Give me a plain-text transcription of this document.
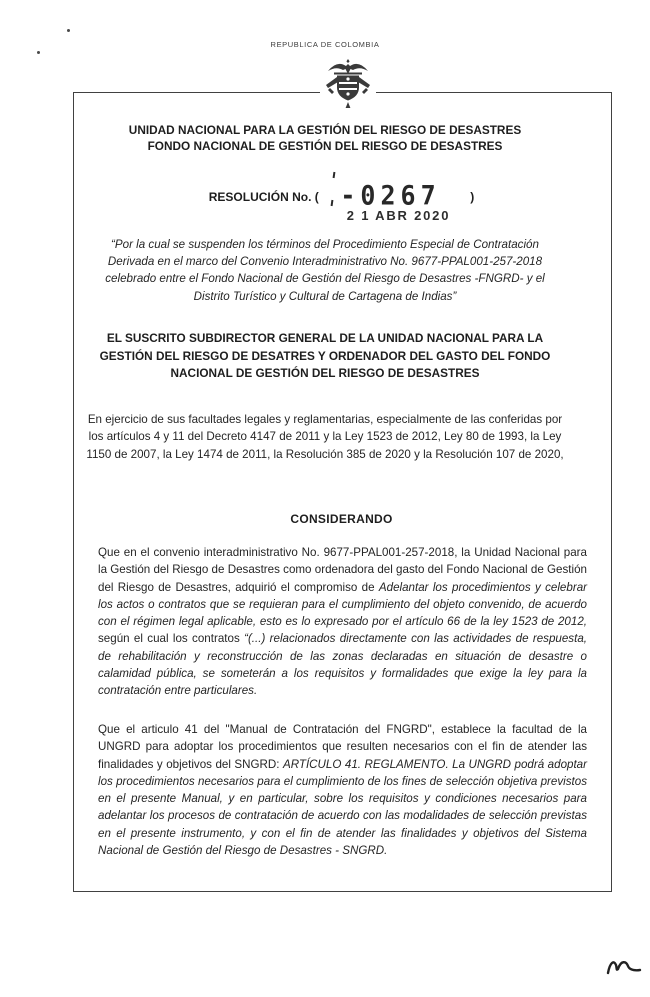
REPUBLICA DE COLOMBIA
UNIDAD NACIONAL PARA LA GESTIÓN DEL RIESGO DE DESASTRES
FONDO NACIONAL DE GESTIÓN DEL RIESGO DE DESASTRES
RESOLUCIÓN No. ( -0267
2 1 ABR 2020
)
“Por la cual se suspenden los términos del Procedimiento Especial de Contratación Derivada en el marco del Convenio Interadministrativo No. 9677-PPAL001-257-2018 celebrado entre el Fondo Nacional de Gestión del Riesgo de Desastres -FNGRD- y el Distrito Turístico y Cultural de Cartagena de Indias”
EL SUSCRITO SUBDIRECTOR GENERAL DE LA UNIDAD NACIONAL PARA LA GESTIÓN DEL RIESGO DE DESATRES Y ORDENADOR DEL GASTO DEL FONDO NACIONAL DE GESTIÓN DEL RIESGO DE DESASTRES
En ejercicio de sus facultades legales y reglamentarias, especialmente de las conferidas por los artículos 4 y 11 del Decreto 4147 de 2011 y la Ley 1523 de 2012, Ley 80 de 1993, la Ley 1150 de 2007, la Ley 1474 de 2011, la Resolución 385 de 2020 y la Resolución 107 de 2020,
CONSIDERANDO
Que en el convenio interadministrativo No. 9677-PPAL001-257-2018, la Unidad Nacional para la Gestión del Riesgo de Desastres como ordenadora del gasto del Fondo Nacional de Gestión del Riesgo de Desastres, adquirió el compromiso de Adelantar los procedimientos y celebrar los actos o contratos que se requieran para el cumplimiento del objeto convenido, de acuerdo con el régimen legal aplicable, esto es lo expresado por el artículo 66 de la ley 1523 de 2012, según el cual los contratos “(...) relacionados directamente con las actividades de respuesta, de rehabilitación y reconstrucción de las zonas declaradas en situación de desastre o calamidad pública, se someterán a los requisitos y formalidades que exige la ley para la contratación entre particulares.
Que el articulo 41 del "Manual de Contratación del FNGRD", establece la facultad de la UNGRD para adoptar los procedimientos que resulten necesarios con el fin de atender las finalidades y objetivos del SNGRD: ARTÍCULO 41. REGLAMENTO. La UNGRD podrá adoptar los procedimientos necesarios para el cumplimiento de los fines de selección objetiva previstos en el presente Manual, y en particular, sobre los requisitos y condiciones necesarios para adelantar los procesos de contratación de acuerdo con las modalidades de selección previstas en el presente instrumento, y con el fin de atender las finalidades y objetivos del Sistema Nacional de Gestión del Riesgo de Desastres - SNGRD.
